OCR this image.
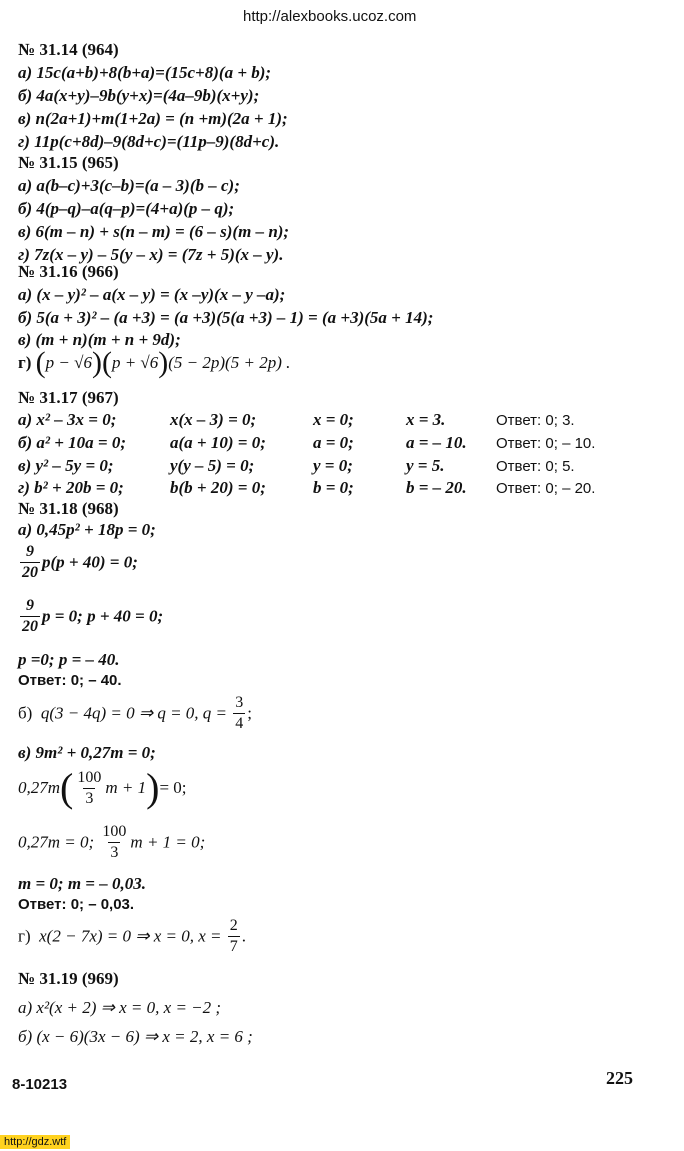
http://alexbooks.ucoz.com
№ 31.14 (964)
а) 15c(a+b)+8(b+a)=(15c+8)(a + b);
б) 4a(x+y)–9b(y+x)=(4a–9b)(x+y);
в) n(2a+1)+m(1+2a) = (n +m)(2a + 1);
г) 11p(c+8d)–9(8d+c)=(11p–9)(8d+c).
№ 31.15 (965)
а) a(b–c)+3(c–b)=(a – 3)(b – c);
б) 4(p–q)–a(q–p)=(4+a)(p – q);
в) 6(m – n) + s(n – m) = (6 – s)(m – n);
г) 7z(x – y) – 5(y – x) = (7z + 5)(x – y).
№ 31.16 (966)
а) (x – y)² – a(x – y) = (x –y)(x – y –a);
б) 5(a + 3)² – (a +3) = (a +3)(5(a +3) – 1) = (a +3)(5a + 14);
в) (m + n)(m + n + 9d);
г) (p − √6)(p + √6)(5 − 2p)(5 + 2p) .
№ 31.17 (967)
а) x² – 3x = 0;	x(x – 3) = 0;	x = 0;	x = 3.	Ответ: 0; 3.
б) a² + 10a = 0;	a(a + 10) = 0;	a = 0;	a = – 10. Ответ: 0; – 10.
в) y² – 5y = 0;	y(y – 5) = 0;	y = 0;	y = 5.	Ответ: 0; 5.
г) b² + 20b = 0;	b(b + 20) = 0;	b = 0;	b = – 20. Ответ: 0; – 20.
№ 31.18 (968)
а) 0,45p² + 18p = 0;
$\frac{9}{20} p(p + 40) = 0$;
$\frac{9}{20}$ p = 0; p + 40 = 0;
p =0; p = – 40.
Ответ: 0; – 40.
б) q(3 − 4q) = 0 ⇒ q = 0, $q = \frac{3}{4}$ ;
в) 9m² + 0,27m = 0;
$0,27m( \frac{100}{3}$ m + 1)= 0;
0,27m = 0; $\frac{100}{3}$ m + 1 = 0;
m = 0; m = – 0,03.
Ответ: 0; – 0,03.
г) x(2 − 7x) = 0 ⇒ x = 0, $x = \frac{2}{7}$ .
№ 31.19 (969)
а) x²(x + 2) ⇒ x = 0, x = −2 ;
б) (x − 6)(3x − 6) ⇒ x = 2, x = 6 ;
8-10213	225
http://gdz.wtf
